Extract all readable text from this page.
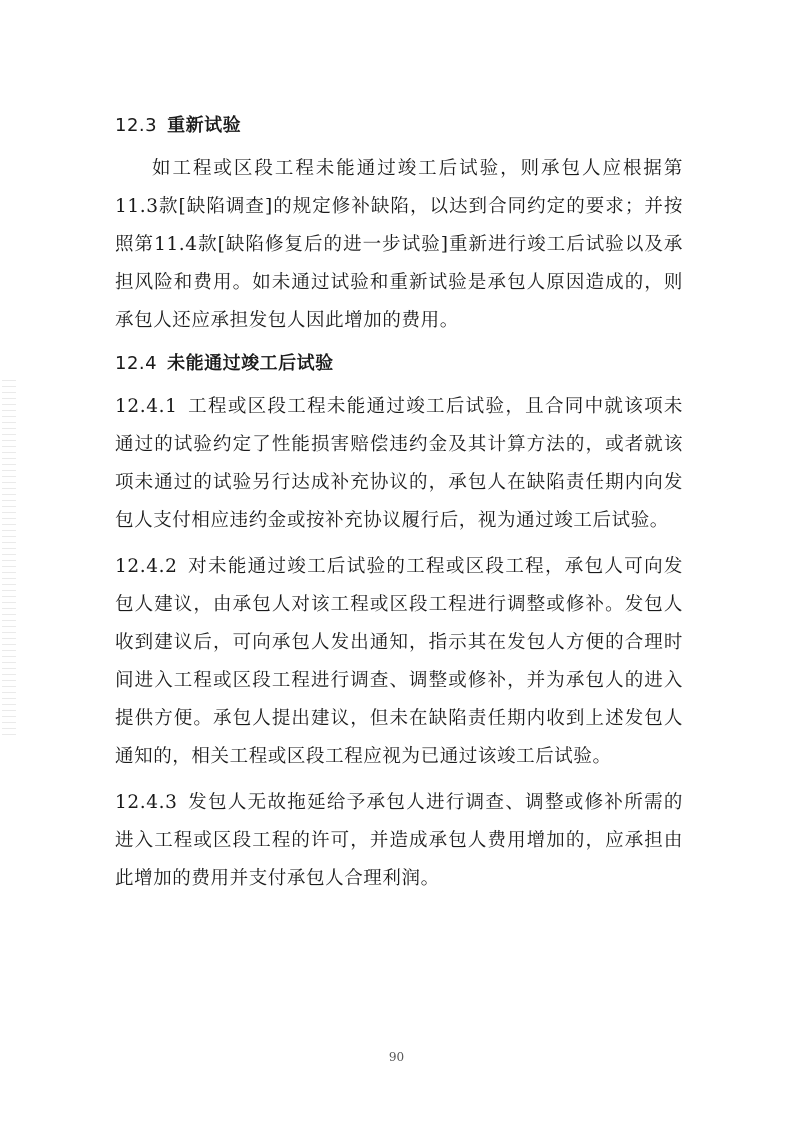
12.3 重新试验

如工程或区段工程未能通过竣工后试验，则承包人应根据第11.3款[缺陷调查]的规定修补缺陷，以达到合同约定的要求；并按照第11.4款[缺陷修复后的进一步试验]重新进行竣工后试验以及承担风险和费用。如未通过试验和重新试验是承包人原因造成的，则承包人还应承担发包人因此增加的费用。

12.4 未能通过竣工后试验

12.4.1 工程或区段工程未能通过竣工后试验，且合同中就该项未通过的试验约定了性能损害赔偿违约金及其计算方法的，或者就该项未通过的试验另行达成补充协议的，承包人在缺陷责任期内向发包人支付相应违约金或按补充协议履行后，视为通过竣工后试验。

12.4.2 对未能通过竣工后试验的工程或区段工程，承包人可向发包人建议，由承包人对该工程或区段工程进行调整或修补。发包人收到建议后，可向承包人发出通知，指示其在发包人方便的合理时间进入工程或区段工程进行调查、调整或修补，并为承包人的进入提供方便。承包人提出建议，但未在缺陷责任期内收到上述发包人通知的，相关工程或区段工程应视为已通过该竣工后试验。

12.4.3 发包人无故拖延给予承包人进行调查、调整或修补所需的进入工程或区段工程的许可，并造成承包人费用增加的，应承担由此增加的费用并支付承包人合理利润。

90
